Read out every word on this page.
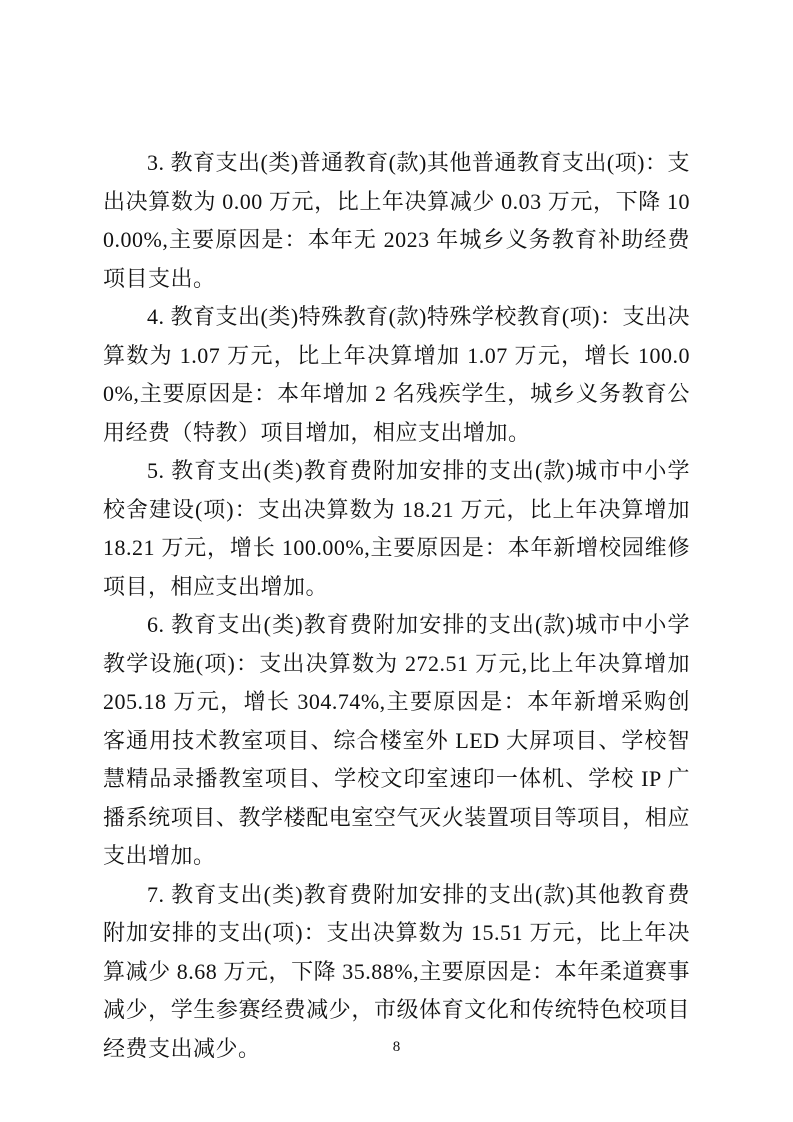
3. 教育支出(类)普通教育(款)其他普通教育支出(项)：支出决算数为 0.00 万元，比上年决算减少 0.03 万元，下降 100.00%,主要原因是：本年无 2023 年城乡义务教育补助经费项目支出。

4. 教育支出(类)特殊教育(款)特殊学校教育(项)：支出决算数为 1.07 万元，比上年决算增加 1.07 万元，增长 100.00%,主要原因是：本年增加 2 名残疾学生，城乡义务教育公用经费（特教）项目增加，相应支出增加。

5. 教育支出(类)教育费附加安排的支出(款)城市中小学校舍建设(项)：支出决算数为 18.21 万元，比上年决算增加 18.21 万元，增长 100.00%,主要原因是：本年新增校园维修项目，相应支出增加。

6. 教育支出(类)教育费附加安排的支出(款)城市中小学教学设施(项)：支出决算数为 272.51 万元,比上年决算增加 205.18 万元，增长 304.74%,主要原因是：本年新增采购创客通用技术教室项目、综合楼室外 LED 大屏项目、学校智慧精品录播教室项目、学校文印室速印一体机、学校 IP 广播系统项目、教学楼配电室空气灭火装置项目等项目，相应支出增加。

7. 教育支出(类)教育费附加安排的支出(款)其他教育费附加安排的支出(项)：支出决算数为 15.51 万元，比上年决算减少 8.68 万元，下降 35.88%,主要原因是：本年柔道赛事减少，学生参赛经费减少，市级体育文化和传统特色校项目经费支出减少。	8
